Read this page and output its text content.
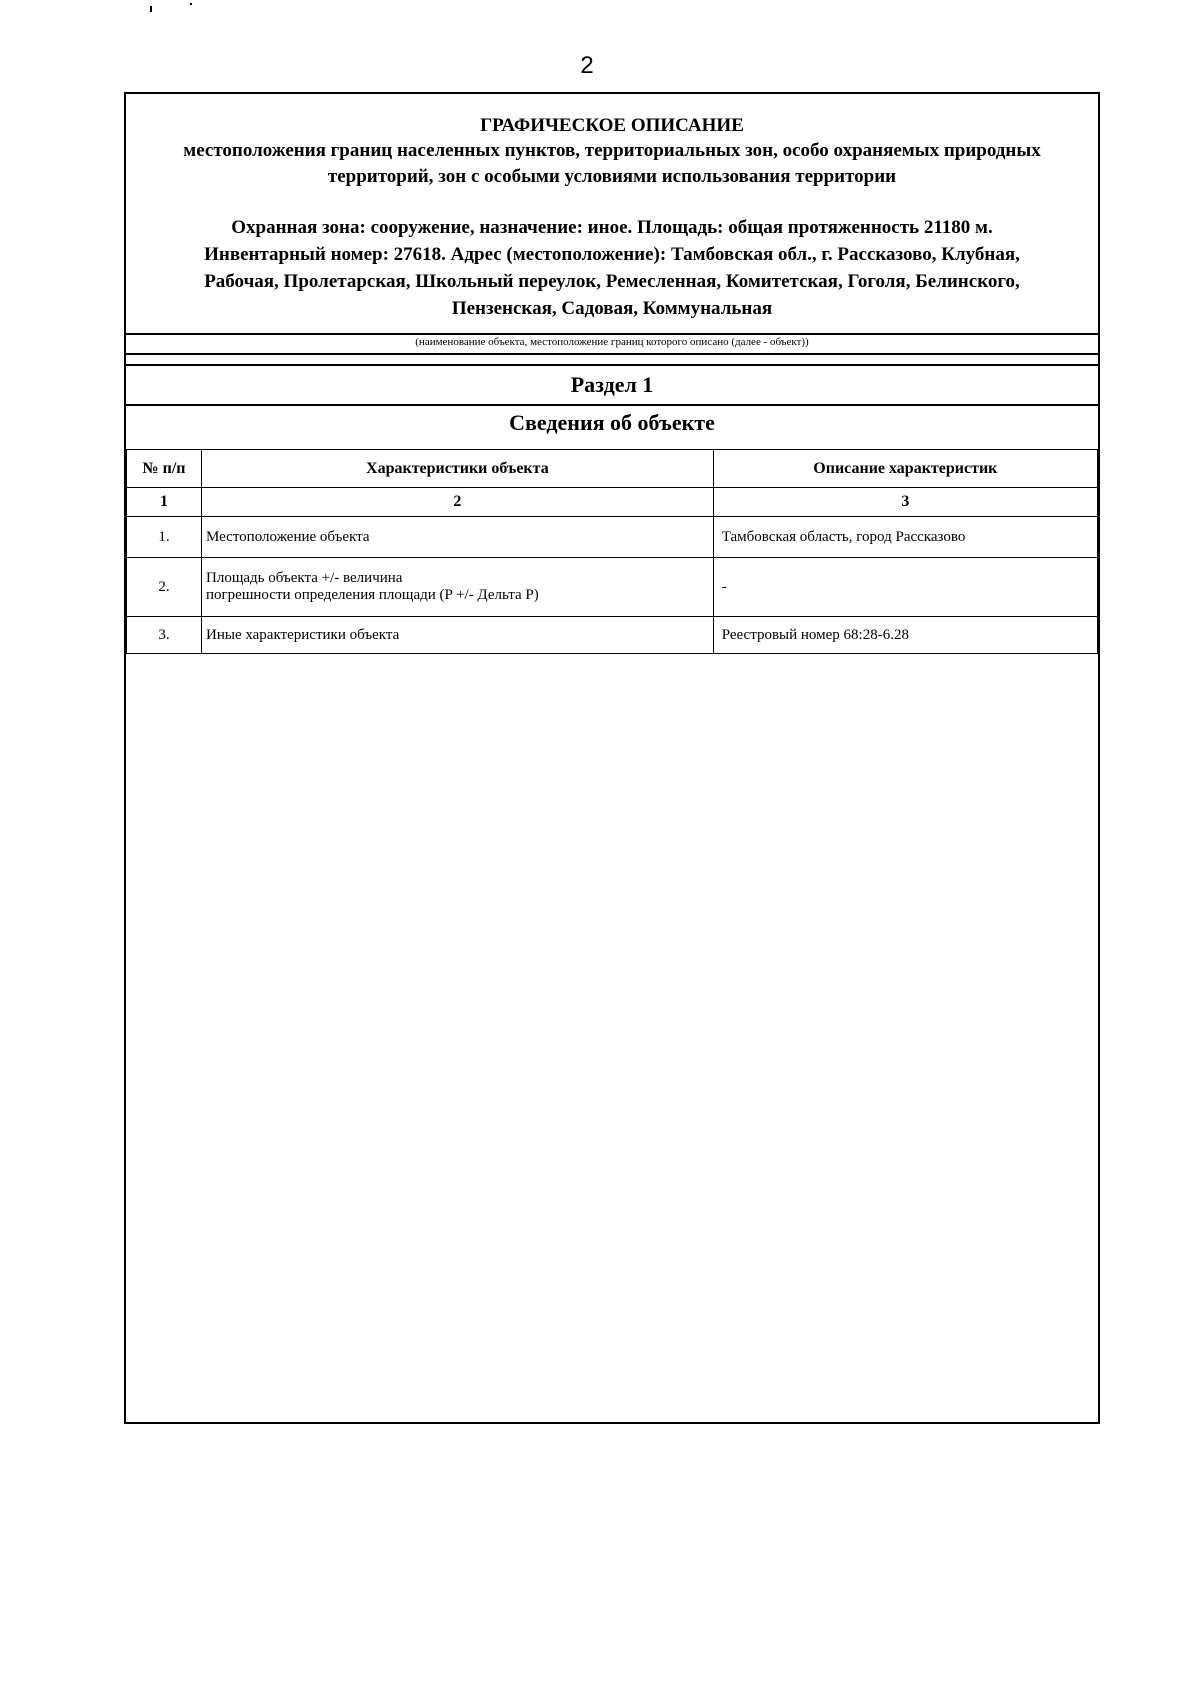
2
ГРАФИЧЕСКОЕ ОПИСАНИЕ
местоположения границ населенных пунктов, территориальных зон, особо охраняемых природных
территорий, зон с особыми условиями использования территории
Охранная зона: сооружение, назначение: иное. Площадь: общая протяженность 21180 м.
Инвентарный номер: 27618. Адрес (местоположение): Тамбовская обл., г. Рассказово, Клубная,
Рабочая, Пролетарская, Школьный переулок, Ремесленная, Комитетская, Гоголя, Белинского,
Пензенская, Садовая, Коммунальная
(наименование объекта, местоположение границ которого описано (далее - объект))
Раздел 1
Сведения об объекте
№ п/п	Характеристики объекта	Описание характеристик
1	2	3
1.	Местоположение объекта	Тамбовская область, город Рассказово
2.	Площадь объекта +/- величина
погрешности определения площади (P +/- Дельта P)	-
3.	Иные характеристики объекта	Реестровый номер 68:28-6.28
